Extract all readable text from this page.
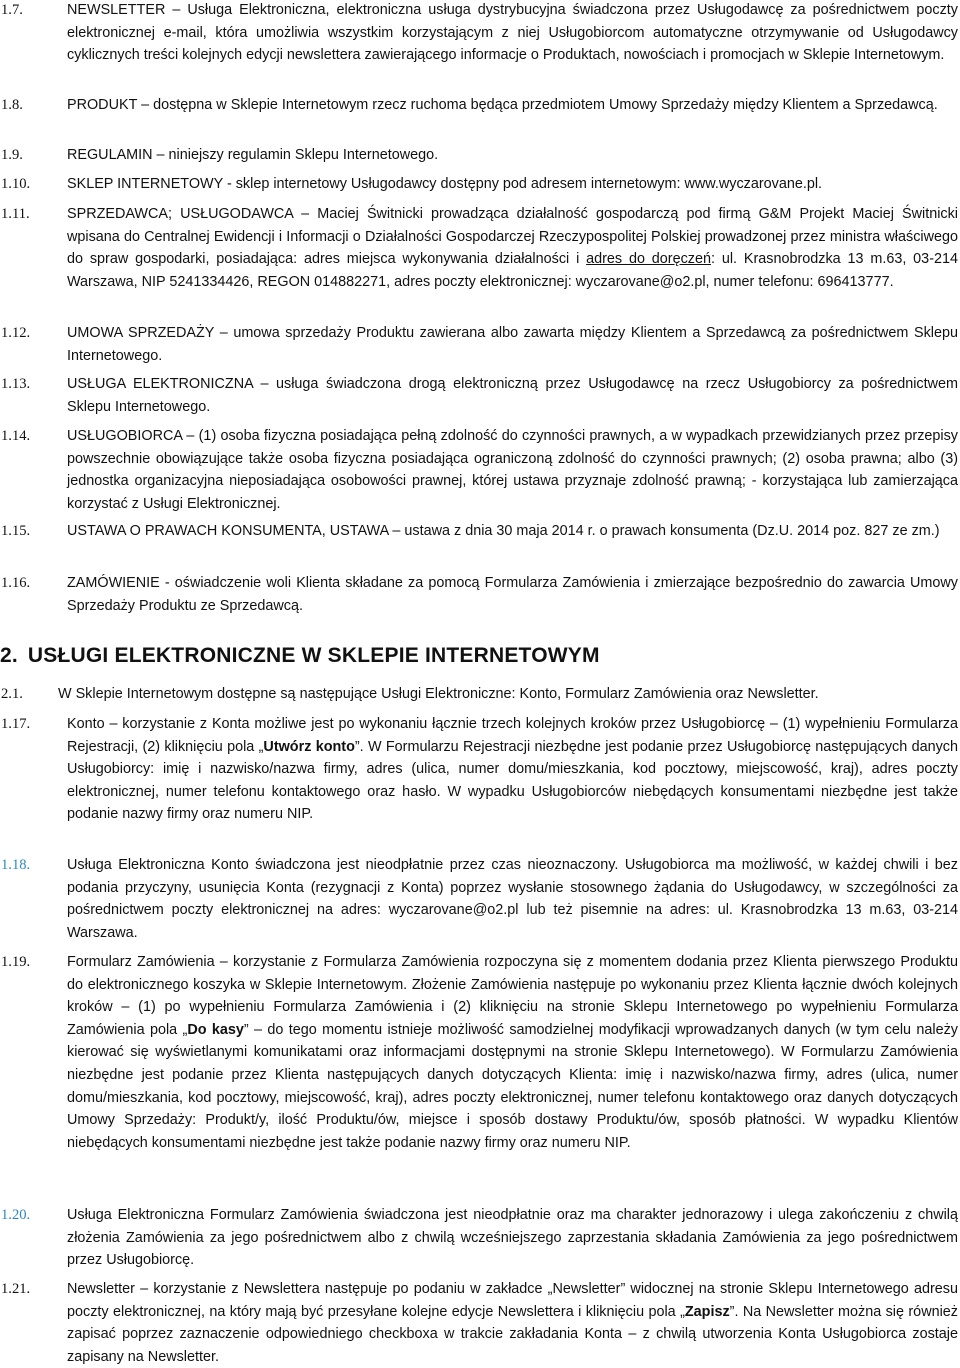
1.7.	NEWSLETTER – Usługa Elektroniczna, elektroniczna usługa dystrybucyjna świadczona przez Usługodawcę za pośrednictwem poczty elektronicznej e-mail, która umożliwia wszystkim korzystającym z niej Usługobiorcom automatyczne otrzymywanie od Usługodawcy cyklicznych treści kolejnych edycji newslettera zawierającego informacje o Produktach, nowościach i promocjach w Sklepie Internetowym.
1.8.	PRODUKT – dostępna w Sklepie Internetowym rzecz ruchoma będąca przedmiotem Umowy Sprzedaży między Klientem a Sprzedawcą.
1.9.	REGULAMIN – niniejszy regulamin Sklepu Internetowego.
1.10.	SKLEP INTERNETOWY - sklep internetowy Usługodawcy dostępny pod adresem internetowym: www.wyczarovane.pl.
1.11.	SPRZEDAWCA; USŁUGODAWCA – Maciej Świtnicki prowadząca działalność gospodarczą pod firmą G&M Projekt Maciej Świtnicki wpisana do Centralnej Ewidencji i Informacji o Działalności Gospodarczej Rzeczypospolitej Polskiej prowadzonej przez ministra właściwego do spraw gospodarki, posiadająca: adres miejsca wykonywania działalności i adres do doręczeń: ul. Krasnobrodzka 13 m.63, 03-214 Warszawa, NIP 5241334426, REGON 014882271, adres poczty elektronicznej: wyczarovane@o2.pl, numer telefonu: 696413777.
1.12.	UMOWA SPRZEDAŻY – umowa sprzedaży Produktu zawierana albo zawarta między Klientem a Sprzedawcą za pośrednictwem Sklepu Internetowego.
1.13.	USŁUGA ELEKTRONICZNA – usługa świadczona drogą elektroniczną przez Usługodawcę na rzecz Usługobiorcy za pośrednictwem Sklepu Internetowego.
1.14.	USŁUGOBIORCA – (1) osoba fizyczna posiadająca pełną zdolność do czynności prawnych, a w wypadkach przewidzianych przez przepisy powszechnie obowiązujące także osoba fizyczna posiadająca ograniczoną zdolność do czynności prawnych; (2) osoba prawna; albo (3) jednostka organizacyjna nieposiadająca osobowości prawnej, której ustawa przyznaje zdolność prawną; - korzystająca lub zamierzająca korzystać z Usługi Elektronicznej.
1.15.	USTAWA O PRAWACH KONSUMENTA, USTAWA – ustawa z dnia 30 maja 2014 r. o prawach konsumenta (Dz.U. 2014 poz. 827 ze zm.)
1.16.	ZAMÓWIENIE - oświadczenie woli Klienta składane za pomocą Formularza Zamówienia i zmierzające bezpośrednio do zawarcia Umowy Sprzedaży Produktu ze Sprzedawcą.
2. USŁUGI ELEKTRONICZNE W SKLEPIE INTERNETOWYM
2.1.	W Sklepie Internetowym dostępne są następujące Usługi Elektroniczne: Konto, Formularz Zamówienia oraz Newsletter.
1.17.	Konto – korzystanie z Konta możliwe jest po wykonaniu łącznie trzech kolejnych kroków przez Usługobiorcę – (1) wypełnieniu Formularza Rejestracji, (2) kliknięciu pola „Utwórz konto”. W Formularzu Rejestracji niezbędne jest podanie przez Usługobiorcę następujących danych Usługobiorcy: imię i nazwisko/nazwa firmy, adres (ulica, numer domu/mieszkania, kod pocztowy, miejscowość, kraj), adres poczty elektronicznej, numer telefonu kontaktowego oraz hasło. W wypadku Usługobiorców niebędących konsumentami niezbędne jest także podanie nazwy firmy oraz numeru NIP.
1.18.	Usługa Elektroniczna Konto świadczona jest nieodpłatnie przez czas nieoznaczony. Usługobiorca ma możliwość, w każdej chwili i bez podania przyczyny, usunięcia Konta (rezygnacji z Konta) poprzez wysłanie stosownego żądania do Usługodawcy, w szczególności za pośrednictwem poczty elektronicznej na adres: wyczarovane@o2.pl lub też pisemnie na adres: ul. Krasnobrodzka 13 m.63, 03-214 Warszawa.
1.19.	Formularz Zamówienia – korzystanie z Formularza Zamówienia rozpoczyna się z momentem dodania przez Klienta pierwszego Produktu do elektronicznego koszyka w Sklepie Internetowym. Złożenie Zamówienia następuje po wykonaniu przez Klienta łącznie dwóch kolejnych kroków – (1) po wypełnieniu Formularza Zamówienia i (2) kliknięciu na stronie Sklepu Internetowego po wypełnieniu Formularza Zamówienia pola „Do kasy” – do tego momentu istnieje możliwość samodzielnej modyfikacji wprowadzanych danych (w tym celu należy kierować się wyświetlanymi komunikatami oraz informacjami dostępnymi na stronie Sklepu Internetowego). W Formularzu Zamówienia niezbędne jest podanie przez Klienta następujących danych dotyczących Klienta: imię i nazwisko/nazwa firmy, adres (ulica, numer domu/mieszkania, kod pocztowy, miejscowość, kraj), adres poczty elektronicznej, numer telefonu kontaktowego oraz danych dotyczących Umowy Sprzedaży: Produkt/y, ilość Produktu/ów, miejsce i sposób dostawy Produktu/ów, sposób płatności. W wypadku Klientów niebędących konsumentami niezbędne jest także podanie nazwy firmy oraz numeru NIP.
1.20.	Usługa Elektroniczna Formularz Zamówienia świadczona jest nieodpłatnie oraz ma charakter jednorazowy i ulega zakończeniu z chwilą złożenia Zamówienia za jego pośrednictwem albo z chwilą wcześniejszego zaprzestania składania Zamówienia za jego pośrednictwem przez Usługobiorcę.
1.21.	Newsletter – korzystanie z Newslettera następuje po podaniu w zakładce „Newsletter” widocznej na stronie Sklepu Internetowego adresu poczty elektronicznej, na który mają być przesyłane kolejne edycje Newslettera i kliknięciu pola „Zapisz”. Na Newsletter można się również zapisać poprzez zaznaczenie odpowiedniego checkboxa w trakcie zakładania Konta – z chwilą utworzenia Konta Usługobiorca zostaje zapisany na Newsletter.
